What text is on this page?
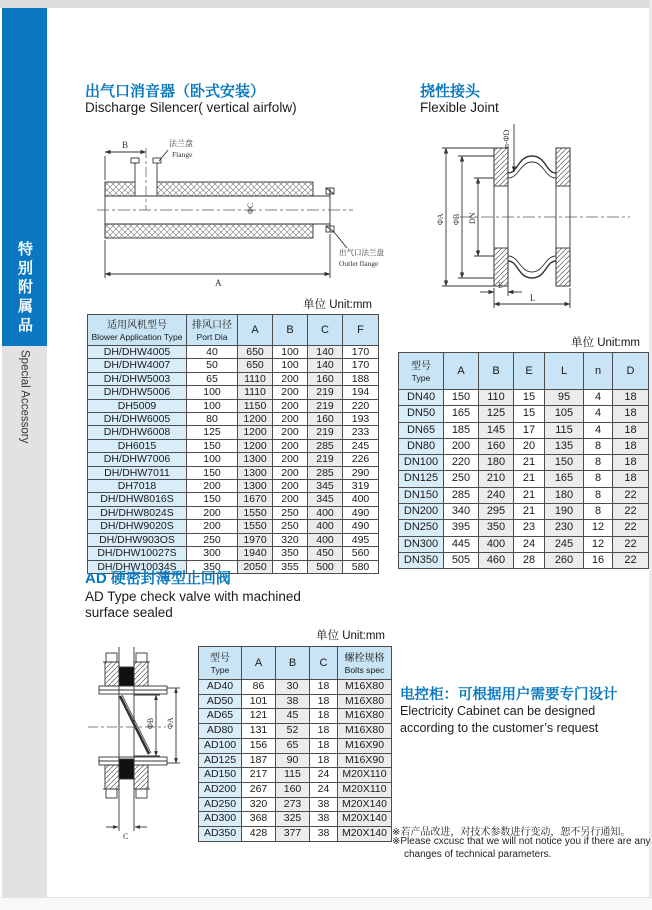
特别附属品
Special Accessory
出气口消音器（卧式安装）
Discharge Silencer( vertical airfolw)
B	法兰盘
Flange
ΦC
A
出气口法兰盘
Outlet flange
单位 Unit:mm
适用风机型号
Blower Application Type

排风口径
Port Dia
	A	B	C	F
DH/DHW4005	40	650	100	140	170
DH/DHW4007	50	650	100	140	170
DH/DHW5003	65	1110	200	160	188
DH/DHW5006	100	1110	200	219	194
DH5009	100	1150	200	219	220
DH/DHW6005	80	1200	200	160	193
DH/DHW6008	125	1200	200	219	233
DH6015	150	1200	200	285	245
DH/DHW7006	100	1300	200	219	226
DH/DHW7011	150	1300	200	285	290
DH7018	200	1300	200	345	319
DH/DHW8016S	150	1670	200	345	400
DH/DHW8024S	200	1550	250	400	490
DH/DHW9020S	200	1550	250	400	490
DH/DHW903OS	250	1970	320	400	495
DH/DHW10027S	300	1940	350	450	560
DH/DHW10034S	350	2050	355	500	580
挠性接头
Flexible Joint
n-ΦD
ΦA ΦB DN
E
L
单位 Unit:mm
型号
Type	A	B	E	L	n	D
DN40	150	110	15	95	4	18
DN50	165	125	15	105	4	18
DN65	185	145	17	115	4	18
DN80	200	160	20	135	8	18
DN100	220	180	21	150	8	18
DN125	250	210	21	165	8	18
DN150	285	240	21	180	8	22
DN200	340	295	21	190	8	22
DN250	395	350	23	230	12	22
DN300	445	400	24	245	12	22
DN350	505	460	28	260	16	22
AD 硬密封薄型止回阀
AD Type check valve with machined
surface sealed
单位 Unit:mm
ΦB ΦA
C
型号
Type
	A	B	C	螺栓规格
Bolts spec

AD40	86	30	18	M16X80
AD50	101	38	18	M16X80
AD65	121	45	18	M16X80
AD80	131	52	18	M16X80
AD100	156	65	18	M16X90
AD125	187	90	18	M16X90
AD150	217	115	24	M20X110
AD200	267	160	24	M20X110
AD250	320	273	38	M20X140
AD300	368	325	38	M20X140
AD350	428	377	38	M20X140
电控柜：可根据用户需要专门设计
Electricity Cabinet can be designed
according to the customer’s request
※若产品改进，对技术参数进行变动，恕不另行通知。
※Please cxcusc that we will not notice you if there are any
changes of technical parameters.
